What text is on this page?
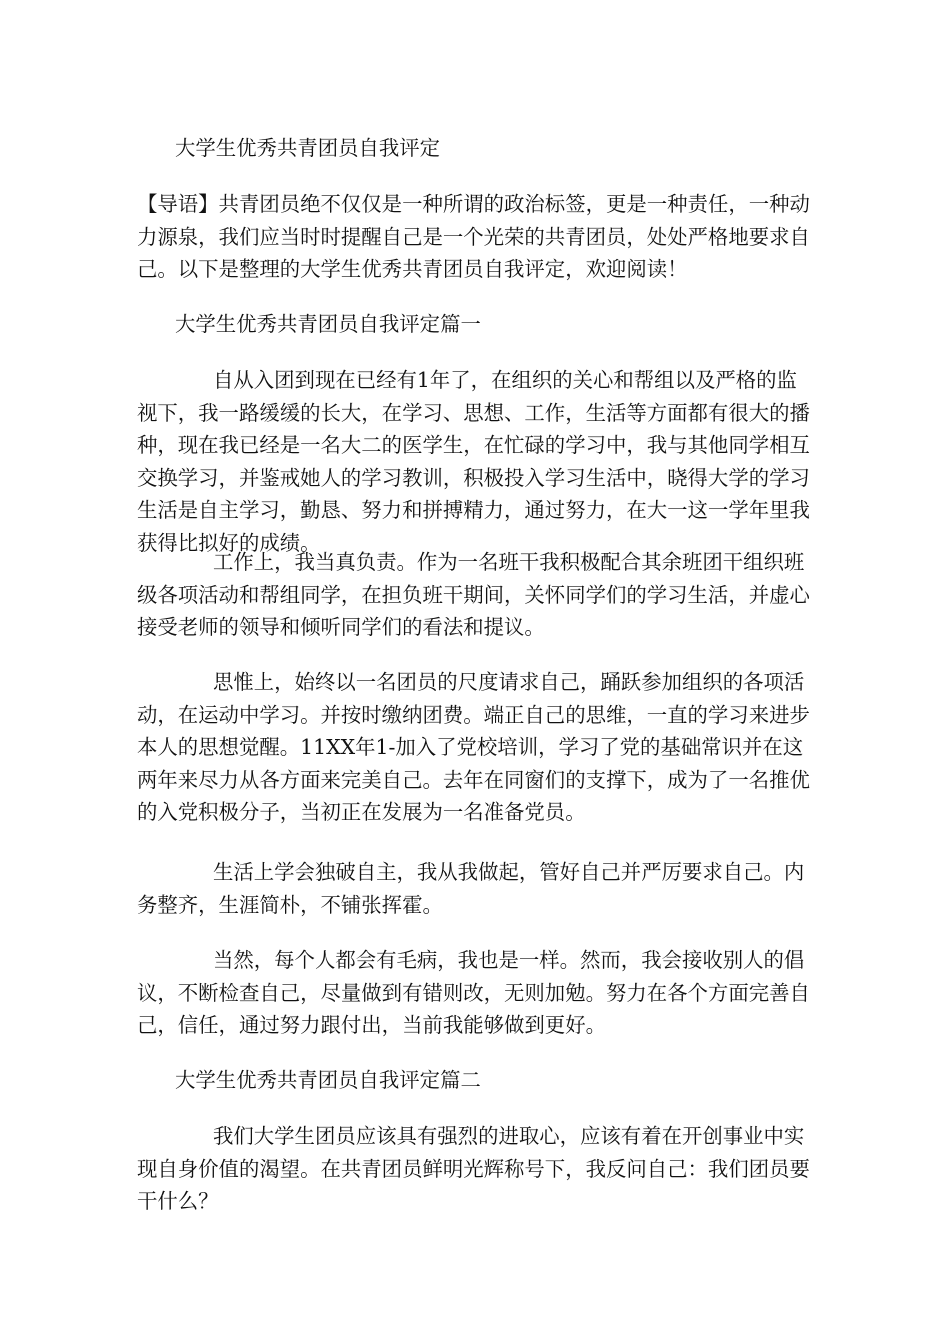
大学生优秀共青团员自我评定

【导语】共青团员绝不仅仅是一种所谓的政治标签，更是一种责任，一种动力源泉，我们应当时时提醒自己是一个光荣的共青团员，处处严格地要求自己。以下是整理的大学生优秀共青团员自我评定，欢迎阅读！

大学生优秀共青团员自我评定篇一

自从入团到现在已经有1年了，在组织的关心和帮组以及严格的监视下，我一路缓缓的长大，在学习、思想、工作，生活等方面都有很大的播种，现在我已经是一名大二的医学生，在忙碌的学习中，我与其他同学相互交换学习，并鉴戒她人的学习教训，积极投入学习生活中，晓得大学的学习生活是自主学习，勤恳、努力和拼搏精力，通过努力，在大一这一学年里我获得比拟好的成绩。

工作上，我当真负责。作为一名班干我积极配合其余班团干组织班级各项活动和帮组同学，在担负班干期间，关怀同学们的学习生活，并虚心接受老师的领导和倾听同学们的看法和提议。

思惟上，始终以一名团员的尺度请求自己，踊跃参加组织的各项活动，在运动中学习。并按时缴纳团费。端正自己的思维，一直的学习来进步本人的思想觉醒。11XX年1-加入了党校培训，学习了党的基础常识并在这两年来尽力从各方面来完美自己。去年在同窗们的支撑下，成为了一名推优的入党积极分子，当初正在发展为一名准备党员。

生活上学会独破自主，我从我做起，管好自己并严厉要求自己。内务整齐，生涯简朴，不铺张挥霍。

当然，每个人都会有毛病，我也是一样。然而，我会接收别人的倡议，不断检查自己，尽量做到有错则改，无则加勉。努力在各个方面完善自己，信任，通过努力跟付出，当前我能够做到更好。

大学生优秀共青团员自我评定篇二

我们大学生团员应该具有强烈的进取心，应该有着在开创事业中实现自身价值的渴望。在共青团员鲜明光辉称号下，我反问自己：我们团员要干什么？
